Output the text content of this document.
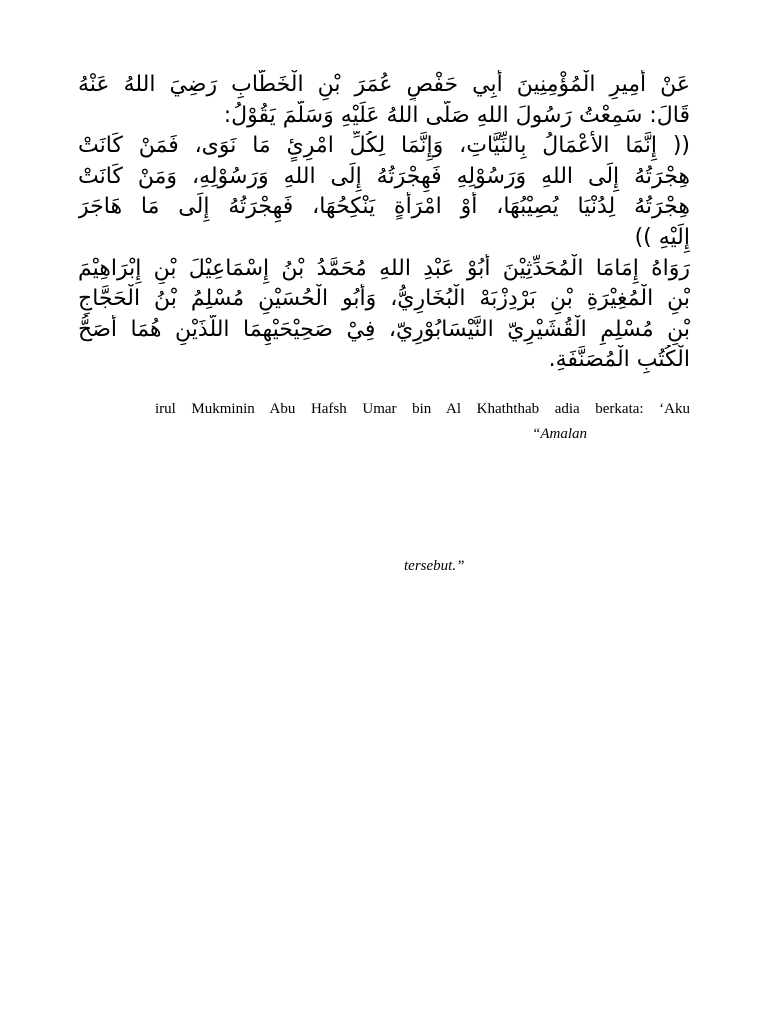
عَنْ أَمِيرِ الْمُؤْمِنِينَ أَبِي حَفْصٍ عُمَرَ بْنِ الْخَطَّابِ رَضِيَ اللهُ عَنْهُ
قَالَ: سَمِعْتُ رَسُولَ اللهِ صَلَّى اللهُ عَلَيْهِ وَسَلَّمَ يَقُوْلُ:
(( إِنَّمَا الأَعْمَالُ بِالنِّيَّاتِ، وَإِنَّمَا لِكُلِّ امْرِئٍ مَا نَوَى، فَمَنْ كَانَتْ
هِجْرَتُهُ إِلَى اللهِ وَرَسُوْلِهِ فَهِجْرَتُهُ إِلَى اللهِ وَرَسُوْلِهِ، وَمَنْ كَانَتْ
هِجْرَتُهُ لِدُنْيَا يُصِيْبُهَا، أَوْ امْرَأَةٍ يَنْكِحُهَا، فَهِجْرَتُهُ إِلَى مَا هَاجَرَ
إِلَيْهِ ))
رَوَاهُ إِمَامَا الْمُحَدِّثِيْنَ أَبُوْ عَبْدِ اللهِ مُحَمَّدُ بْنُ إِسْمَاعِيْلَ بْنِ إِبْرَاهِيْمَ
بْنِ الْمُغِيْرَةِ بْنِ بَرْدِزْبَهْ الْبُخَارِيُّ، وَأَبُو الْحُسَيْنِ مُسْلِمُ بْنُ الْحَجَّاجِ
بْنِ مُسْلِمٍ الْقُشَيْرِيّ النَّيْسَابُوْرِيّ، فِيْ صَحِيْحَيْهِمَا اللَّذَيْنِ هُمَا أَصَحُّ
الْكُتُبِ الْمُصَنَّفَةِ.
irul Mukminin Abu Hafsh Umar bin Al Khaththab adia berkata: ‘Aku
“Amalan
tersebut.”
